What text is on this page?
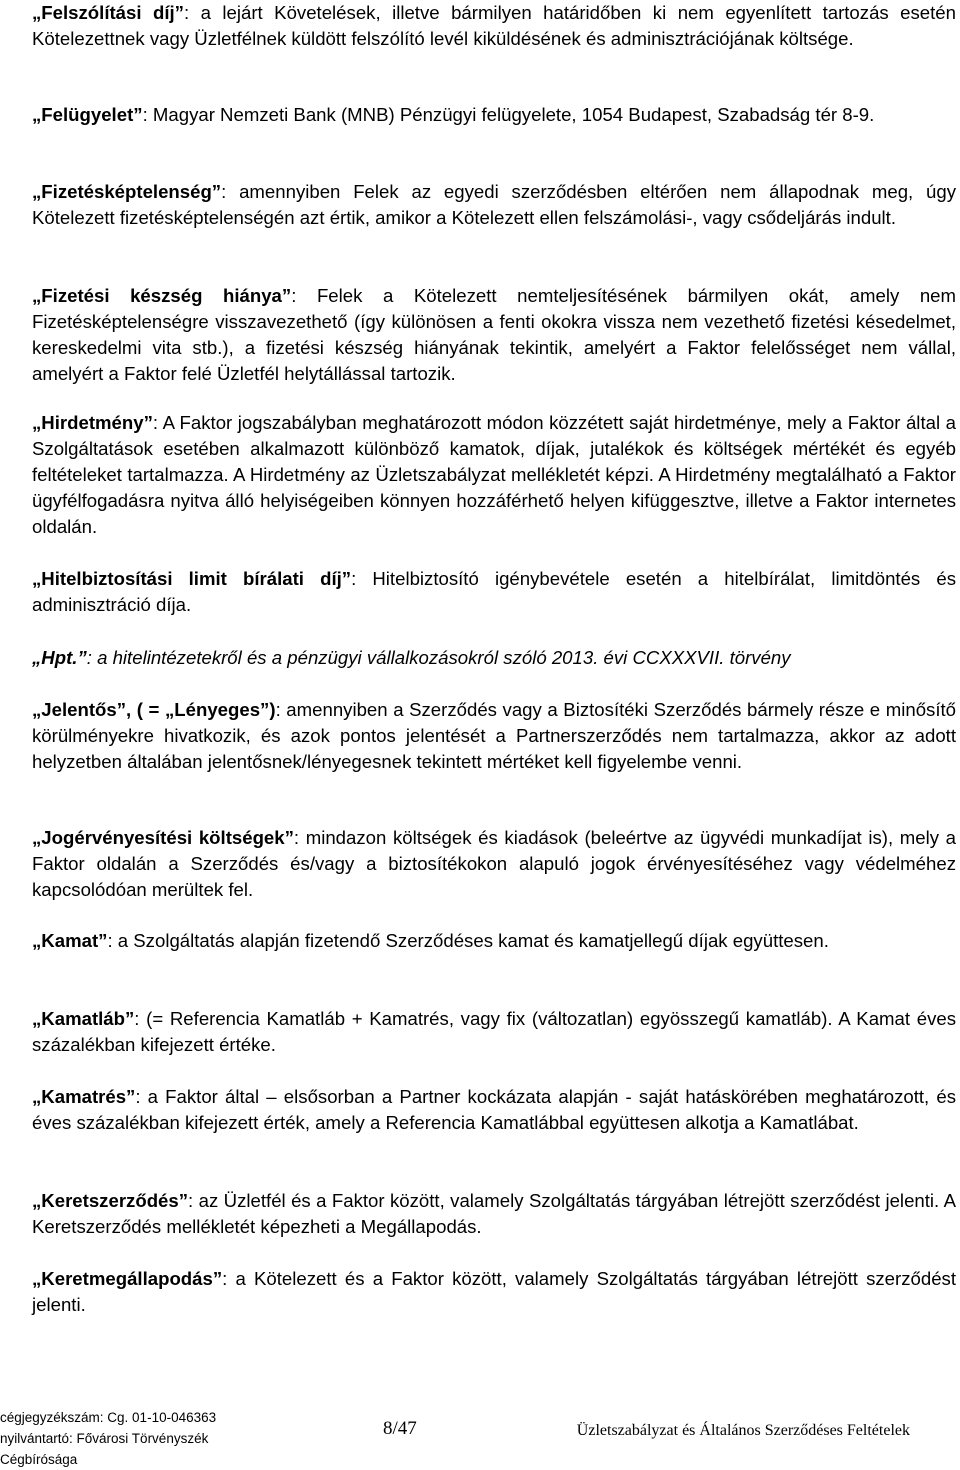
„Felszólítási díj”: a lejárt Követelések, illetve bármilyen határidőben ki nem egyenlített tartozás esetén Kötelezettnek vagy Üzletfélnek küldött felszólító levél kiküldésének és adminisztrációjának költsége.

„Felügyelet”: Magyar Nemzeti Bank (MNB) Pénzügyi felügyelete, 1054 Budapest, Szabadság tér 8-9.

„Fizetésképtelenség”: amennyiben Felek az egyedi szerződésben eltérően nem állapodnak meg, úgy Kötelezett fizetésképtelenségén azt értik, amikor a Kötelezett ellen felszámolási-, vagy csődeljárás indult.

„Fizetési készség hiánya”: Felek a Kötelezett nemteljesítésének bármilyen okát, amely nem Fizetésképtelenségre visszavezethető (így különösen a fenti okokra vissza nem vezethető fizetési késedelmet, kereskedelmi vita stb.), a fizetési készség hiányának tekintik, amelyért a Faktor felelősséget nem vállal, amelyért a Faktor felé Üzletfél helytállással tartozik.

„Hirdetmény”: A Faktor jogszabályban meghatározott módon közzétett saját hirdetménye, mely a Faktor által a Szolgáltatások esetében alkalmazott különböző kamatok, díjak, jutalékok és költségek mértékét és egyéb feltételeket tartalmazza. A Hirdetmény az Üzletszabályzat mellékletét képzi. A Hirdetmény megtalálható a Faktor ügyfélfogadásra nyitva álló helyiségeiben könnyen hozzáférhető helyen kifüggesztve, illetve a Faktor internetes oldalán.

„Hitelbiztosítási limit bírálati díj”: Hitelbiztosító igénybevétele esetén a hitelbírálat, limitdöntés és adminisztráció díja.

„Hpt.”: a hitelintézetekről és a pénzügyi vállalkozásokról szóló 2013. évi CCXXXVII. törvény

„Jelentős”, ( = „Lényeges”): amennyiben a Szerződés vagy a Biztosítéki Szerződés bármely része e minősítő körülményekre hivatkozik, és azok pontos jelentését a Partnerszerződés nem tartalmazza, akkor az adott helyzetben általában jelentősnek/lényegesnek tekintett mértéket kell figyelembe venni.

„Jogérvényesítési költségek”: mindazon költségek és kiadások (beleértve az ügyvédi munkadíjat is), mely a Faktor oldalán a Szerződés és/vagy a biztosítékokon alapuló jogok érvényesítéséhez vagy védelméhez kapcsolódóan merültek fel.

„Kamat”: a Szolgáltatás alapján fizetendő Szerződéses kamat és kamatjellegű díjak együttesen.

„Kamatláb”: (= Referencia Kamatláb + Kamatrés, vagy fix (változatlan) egyösszegű kamatláb). A Kamat éves százalékban kifejezett értéke.

„Kamatrés”: a Faktor által – elsősorban a Partner kockázata alapján - saját hatáskörében meghatározott, és éves százalékban kifejezett érték, amely a Referencia Kamatlábbal együttesen alkotja a Kamatlábat.

„Keretszerződés”: az Üzletfél és a Faktor között, valamely Szolgáltatás tárgyában létrejött szerződést jelenti. A Keretszerződés mellékletét képezheti a Megállapodás.

„Keretmegállapodás”: a Kötelezett és a Faktor között, valamely Szolgáltatás tárgyában létrejött szerződést jelenti.

cégjegyzékszám: Cg. 01-10-046363
nyilvántartó: Fővárosi Törvényszék
Cégbírósága
8/47	Üzletszabályzat és Általános Szerződéses Feltételek
